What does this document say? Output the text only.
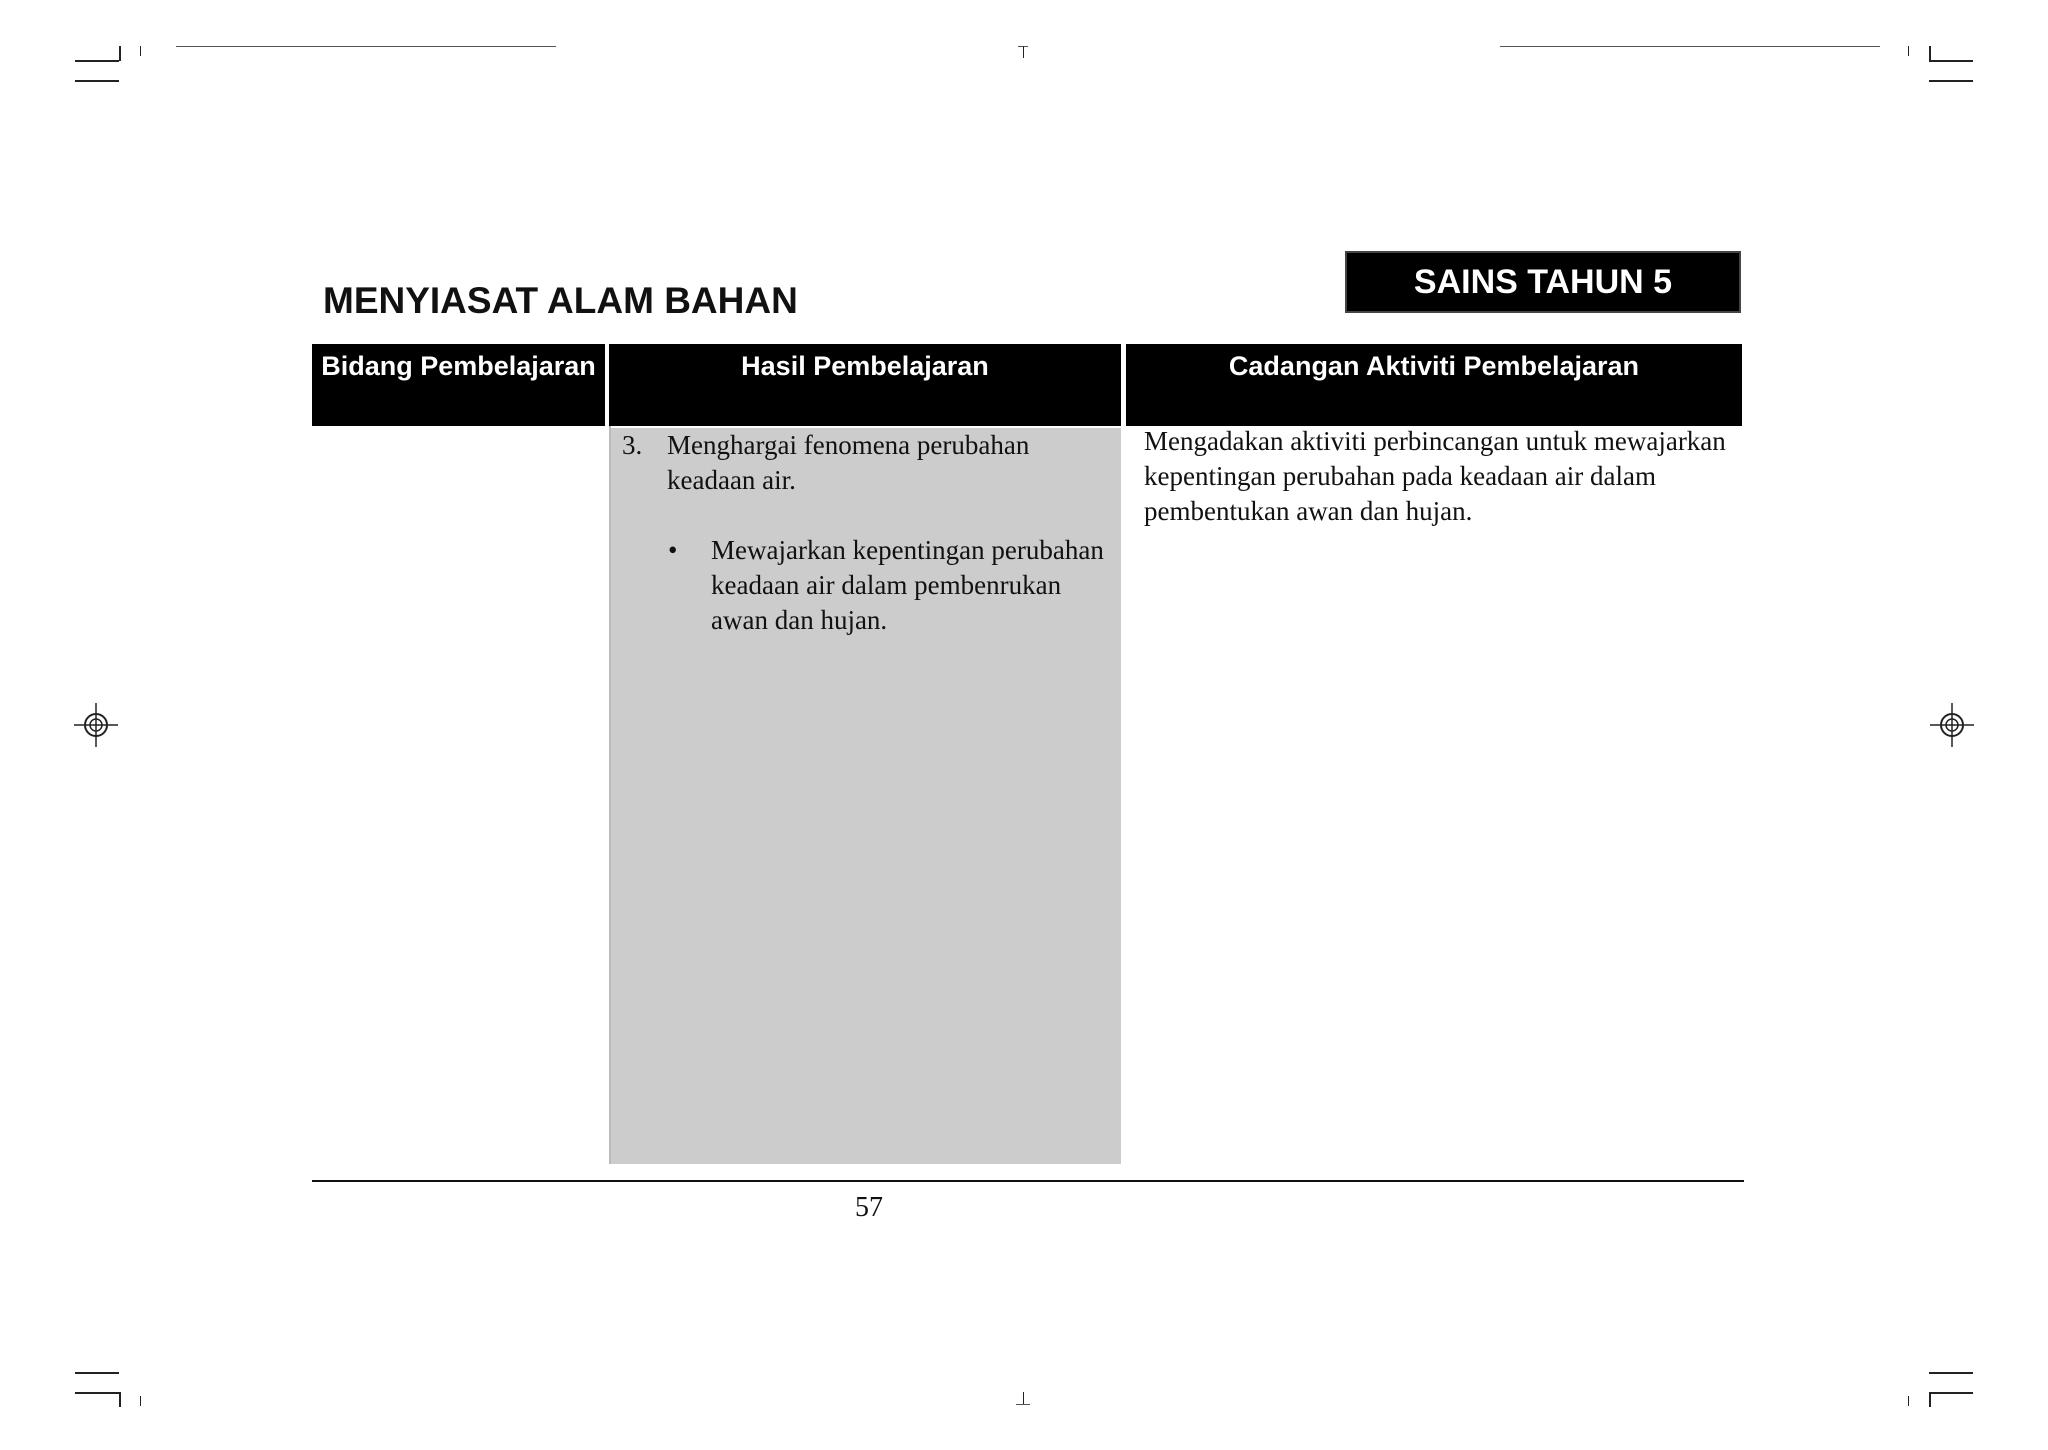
SAINS TAHUN 5
MENYIASAT ALAM BAHAN
Bidang Pembelajaran	Hasil Pembelajaran	Cadangan Aktiviti Pembelajaran
3. Menghargai fenomena perubahan keadaan air.
• Mewajarkan kepentingan perubahan keadaan air dalam pembenrukan awan dan hujan.
Mengadakan aktiviti perbincangan untuk mewajarkan kepentingan perubahan pada keadaan air dalam pembentukan awan dan hujan.
57
